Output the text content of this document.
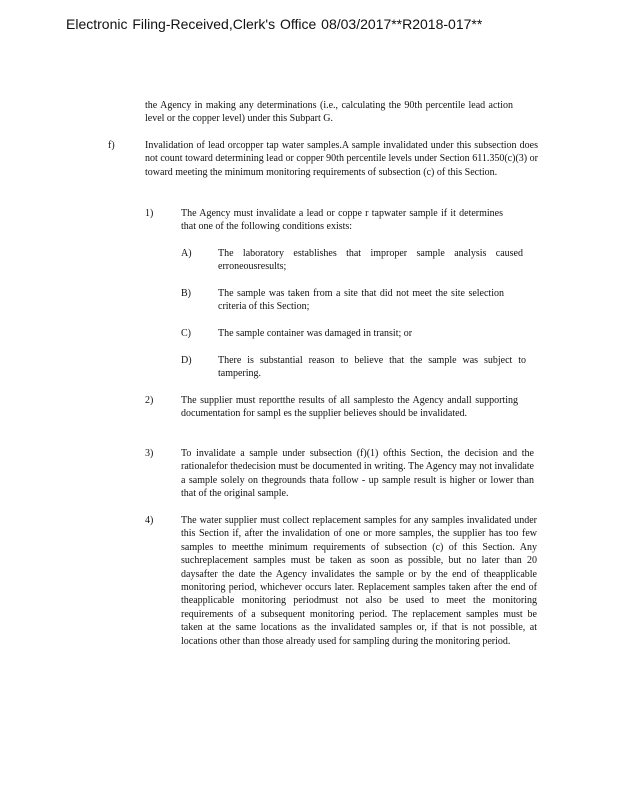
Electronic Filing-Received,Clerk's Office 08/03/2017**R2018-017**
the Agency in making any determinations (i.e., calculating the 90th percentile lead action level or the copper level) under this Subpart G.
f)	Invalidation of lead orcopper tap water samples.A sample invalidated under this subsection does not count toward determining lead or copper 90th percentile levels under Section 611.350(c)(3) or toward meeting the minimum monitoring requirements of subsection (c) of this Section.
1)	The Agency must invalidate a lead or coppe r tapwater sample if it determines that one of the following conditions exists:
A)	The laboratory establishes that improper sample analysis caused erroneousresults;
B)	The sample was taken from a site that did not meet the site selection criteria of this Section;
C)	The sample container was damaged in transit; or
D)	There is substantial reason to believe that the sample was subject to tampering.
2)	The supplier must reportthe results of all samplesto the Agency andall supporting documentation for sampl es the supplier believes should be invalidated.
3)	To invalidate a sample under subsection (f)(1) ofthis Section, the decision and the rationalefor thedecision must be documented in writing. The Agency may not invalidate a sample solely on thegrounds thata follow - up sample result is higher or lower than that of the original sample.
4)	The water supplier must collect replacement samples for any samples invalidated under this Section if, after the invalidation of one or more samples, the supplier has too few samples to meetthe minimum requirements of subsection (c) of this Section. Any suchreplacement samples must be taken as soon as possible, but no later than 20 daysafter the date the Agency invalidates the sample or by the end of theapplicable monitoring period, whichever occurs later. Replacement samples taken after the end of theapplicable monitoring periodmust not also be used to meet the monitoring requirements of a subsequent monitoring period. The replacement samples must be taken at the same locations as the invalidated samples or, if that is not possible, at locations other than those already used for sampling during the monitoring period.
